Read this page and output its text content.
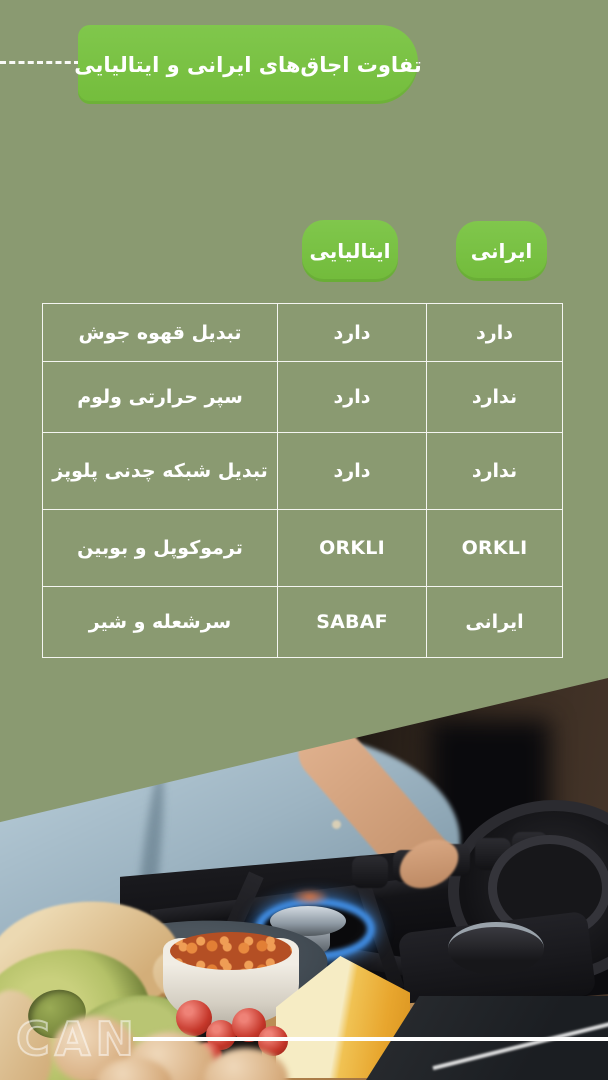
تفاوت اجاق‌های ایرانی و ایتالیایی
ایتالیایی	ایرانی
تبدیل قهوه جوش	دارد	دارد
سپر حرارتی ولوم	دارد	ندارد
تبدیل شبکه چدنی پلوپز	دارد	ندارد
ترموکوپل و بوبین	ORKLI	ORKLI
سرشعله و شیر	SABAF	ایرانی
CAN
